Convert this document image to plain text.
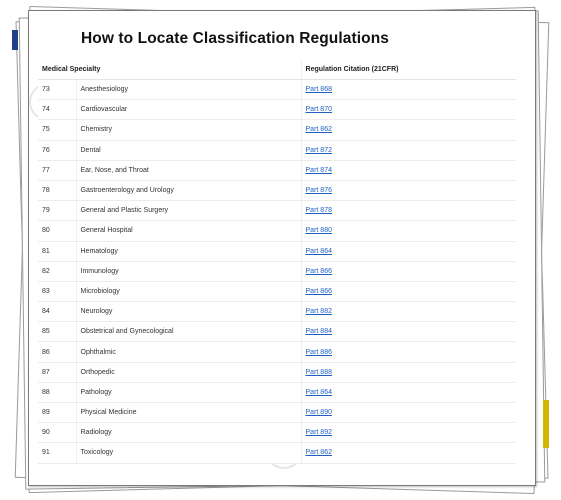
How to Locate Classification Regulations
Medical Specialty		Regulation Citation (21CFR)
73	Anesthesiology	Part 868
74	Cardiovascular	Part 870
75	Chemistry	Part 862
76	Dental	Part 872
77	Ear, Nose, and Throat	Part 874
78	Gastroenterology and Urology	Part 876
79	General and Plastic Surgery	Part 878
80	General Hospital	Part 880
81	Hematology	Part 864
82	Immunology	Part 866
83	Microbiology	Part 866
84	Neurology	Part 882
85	Obstetrical and Gynecological	Part 884
86	Ophthalmic	Part 886
87	Orthopedic	Part 888
88	Pathology	Part 864
89	Physical Medicine	Part 890
90	Radiology	Part 892
91	Toxicology	Part 862
